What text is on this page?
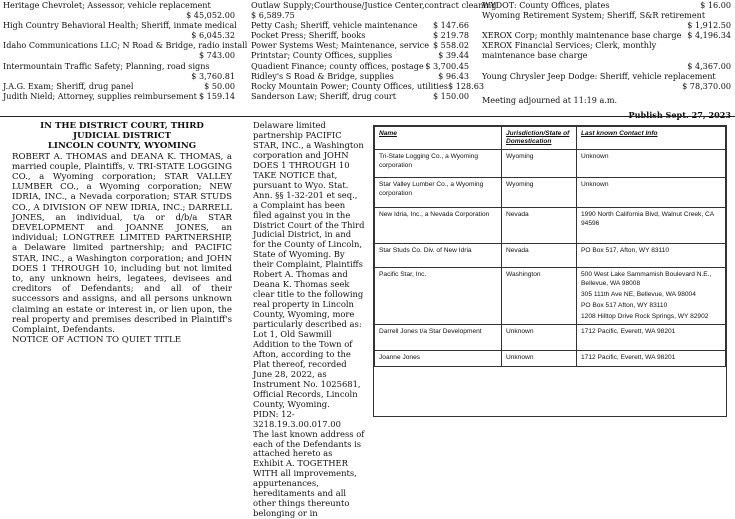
Heritage Chevrolet; Assessor, vehicle replacement
$ 45,052.00
High Country Behavioral Health; Sheriff, inmate medical
$ 6,045.32
Idaho Communications LLC; N Road & Bridge, radio install
$ 743.00
Intermountain Traffic Safety; Planning, road signs
$ 3,760.81
J.A.G. Exam; Sheriff, drug panel	$ 50.00
Judith Nield; Attorney, supplies reimbursement $ 159.14
Outlaw Supply;Courthouse/Justice Center,contract cleaning
$ 6,589.75
Petty Cash; Sheriff, vehicle maintenance $ 147.66
Pocket Press; Sheriff, books	$ 219.78
Power Systems West; Maintenance, service $ 558.02
Printstar; County Offices, supplies	$ 39.44
Quadient Finance; county offices, postage $ 3,700.45
Ridley's S Road & Bridge, supplies	$ 96.43
Rocky Mountain Power; County Offices, utilities $ 128.63
Sanderson Law; Sheriff, drug court	$ 150.00
WYDOT: County Offices, plates	$ 16.00
Wyoming Retirement System; Sheriff, S&R retirement
$ 1,912.50
XEROX Corp; monthly maintenance base charge $ 4,196.34
XEROX Financial Services; Clerk, monthly maintenance base charge
$ 4,367.00
Young Chrysler Jeep Dodge: Sheriff, vehicle replacement
$ 78,370.00
Meeting adjourned at 11:19 a.m.
Publish Sept. 27, 2023
IN THE DISTRICT COURT, THIRD
JUDICIAL DISTRICT
LINCOLN COUNTY, WYOMING

ROBERT A. THOMAS and DEANA K. THOMAS, a married couple, Plaintiffs, v. TRI-STATE LOGGING CO., a Wyoming corporation; STAR VALLEY LUMBER CO., a Wyoming corporation; NEW IDRIA, INC., a Nevada corporation; STAR STUDS CO., A DIVISION OF NEW IDRIA, INC.; DARRELL JONES, an individual, t/a or d/b/a STAR DEVELOPMENT and JOANNE JONES, an individual; LONGTREE LIMITED PARTNERSHIP, a Delaware limited partnership; and PACIFIC STAR, INC., a Washington corporation; and JOHN DOES 1 THROUGH 10, including but not limited to, any unknown heirs, legatees, devisees and creditors of Defendants; and all of their successors and assigns, and all persons unknown claiming an estate or interest in, or lien upon, the real property and premises described in Plaintiff's Complaint, Defendants.

NOTICE OF ACTION TO QUIET TITLE

Delaware limited partnership PACIFIC STAR, INC., a Washington corporation and JOHN DOES 1 THROUGH 10

TAKE NOTICE that, pursuant to Wyo. Stat. Ann. §§ 1-32-201 et seq., a Complaint has been filed against you in the District Court of the Third Judicial District, in and for the County of Lincoln, State of Wyoming. By their Complaint, Plaintiffs Robert A. Thomas and Deana K. Thomas seek clear title to the following real property in Lincoln County, Wyoming, more particularly described as:

Lot 1, Old Sawmill Addition to the Town of Afton, according to the Plat thereof, recorded June 28, 2022, as Instrument No. 1025681, Official Records, Lincoln County, Wyoming.

PIDN: 12-3218.19.3.00.017.00

The last known address of each of the Defendants is attached hereto as Exhibit A. TOGETHER WITH all improvements, appurtenances, hereditaments and all other things thereunto belonging or in

Name	Jurisdiction/State of Domestication	Last known Contact Info
Tri-State Logging Co., a Wyoming corporation	Wyoming	Unknown
Star Valley Lumber Co., a Wyoming corporation	Wyoming	Unknown
New Idria, Inc., a Nevada Corporation	Nevada	1990 North California Blvd, Walnut Creek, CA 94596
Star Studs Co. Div. of New Idria	Nevada	PO Box 517, Afton, WY 83110
Pacific Star, Inc.	Washington	500 West Lake Sammamish Boulevard N.E., Bellevue, WA 98008
305 111th Ave NE, Bellevue, WA 98004
PO Box 517 Afton, WY 83110
1208 Hilltop Drive Rock Springs, WY 82902

Darrell Jones t/a Star Development	Unknown	1712 Pacific, Everett, WA 98201
Joanne Jones	Unknown	1712 Pacific, Everett, WA 98201
